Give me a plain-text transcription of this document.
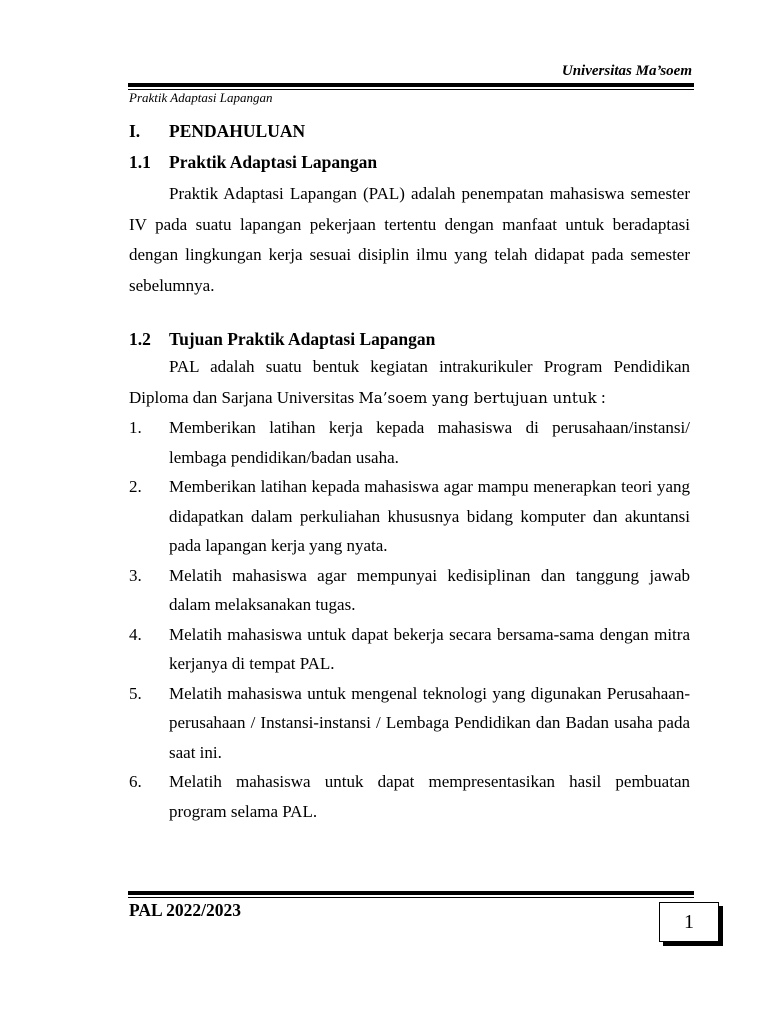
Universitas Ma’soem
Praktik Adaptasi Lapangan
I.	PENDAHULUAN
1.1	Praktik Adaptasi Lapangan

Praktik Adaptasi Lapangan (PAL) adalah penempatan mahasiswa semester IV pada suatu lapangan pekerjaan tertentu dengan manfaat untuk beradaptasi dengan lingkungan kerja sesuai disiplin ilmu yang telah didapat pada semester sebelumnya.

1.2	Tujuan Praktik Adaptasi Lapangan

PAL adalah suatu bentuk kegiatan intrakurikuler Program Pendidikan Diploma dan Sarjana Universitas Ma’soem yang bertujuan untuk :

1.	Memberikan latihan kerja kepada mahasiswa di perusahaan/instansi/ lembaga pendidikan/badan usaha.
2.	Memberikan latihan kepada mahasiswa agar mampu menerapkan teori yang didapatkan dalam perkuliahan khususnya bidang komputer dan akuntansi pada lapangan kerja yang nyata.
3.	Melatih mahasiswa agar mempunyai kedisiplinan dan tanggung jawab dalam melaksanakan tugas.
4.	Melatih mahasiswa untuk dapat bekerja secara bersama-sama dengan mitra kerjanya di tempat PAL.
5.	Melatih mahasiswa untuk mengenal teknologi yang digunakan Perusahaan-perusahaan / Instansi-instansi / Lembaga Pendidikan dan Badan usaha pada saat ini.
6.	Melatih mahasiswa untuk dapat mempresentasikan hasil pembuatan program selama PAL.
PAL 2022/2023
1
